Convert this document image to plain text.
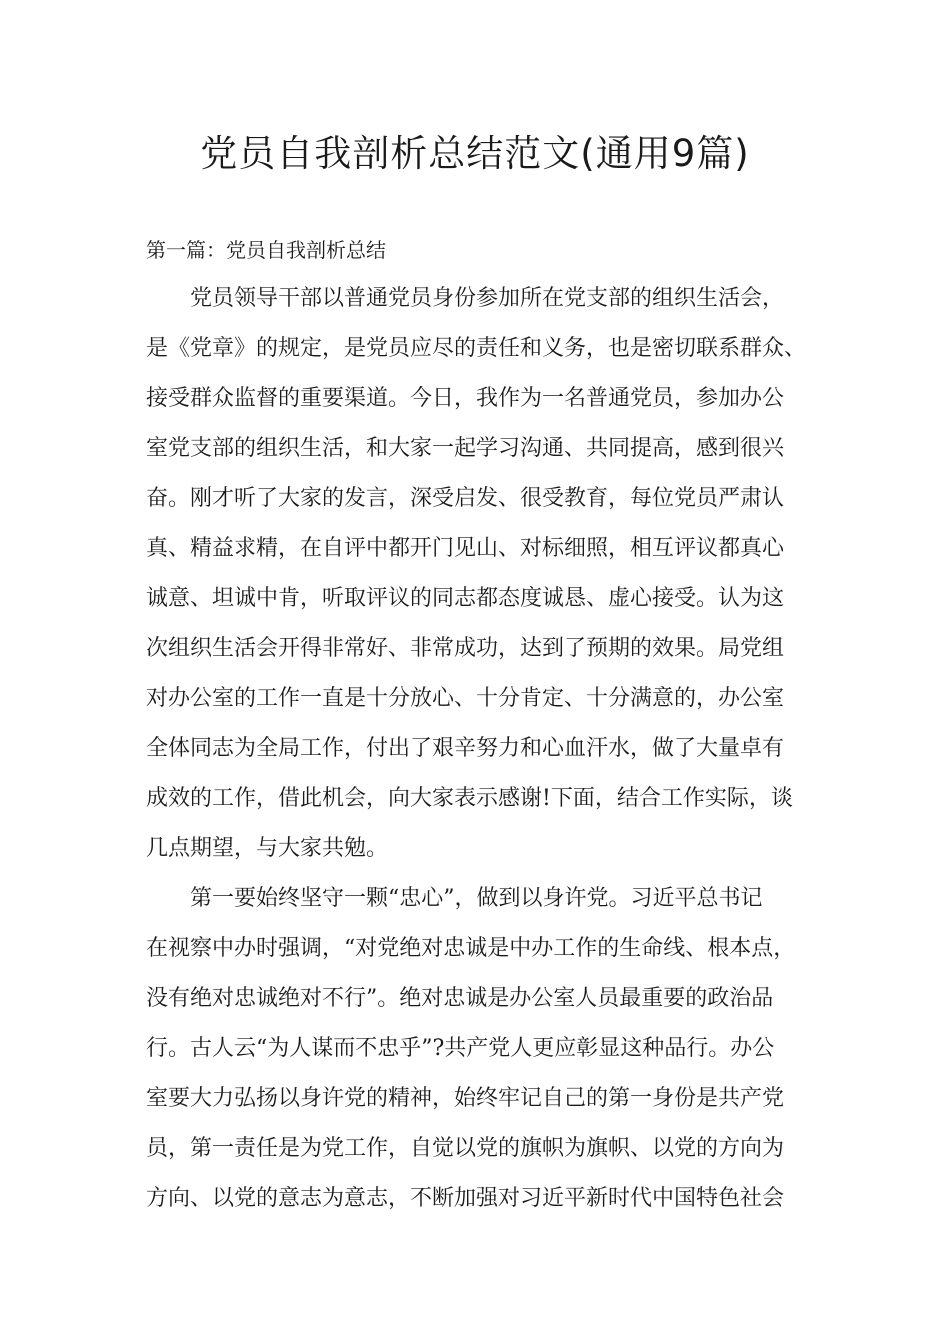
党员自我剖析总结范文(通用9篇)
第一篇：党员自我剖析总结

党员领导干部以普通党员身份参加所在党支部的组织生活会，

是《党章》的规定，是党员应尽的责任和义务，也是密切联系群众、

接受群众监督的重要渠道。今日，我作为一名普通党员，参加办公

室党支部的组织生活，和大家一起学习沟通、共同提高，感到很兴

奋。刚才听了大家的发言，深受启发、很受教育，每位党员严肃认

真、精益求精，在自评中都开门见山、对标细照，相互评议都真心

诚意、坦诚中肯，听取评议的同志都态度诚恳、虚心接受。认为这

次组织生活会开得非常好、非常成功，达到了预期的效果。局党组

对办公室的工作一直是十分放心、十分肯定、十分满意的，办公室

全体同志为全局工作，付出了艰辛努力和心血汗水，做了大量卓有

成效的工作，借此机会，向大家表示感谢!下面，结合工作实际，谈

几点期望，与大家共勉。

第一要始终坚守一颗“忠心”，做到以身许党。习近平总书记

在视察中办时强调，“对党绝对忠诚是中办工作的生命线、根本点，

没有绝对忠诚绝对不行”。绝对忠诚是办公室人员最重要的政治品

行。古人云“为人谋而不忠乎”?共产党人更应彰显这种品行。办公

室要大力弘扬以身许党的精神，始终牢记自己的第一身份是共产党

员，第一责任是为党工作，自觉以党的旗帜为旗帜、以党的方向为

方向、以党的意志为意志，不断加强对习近平新时代中国特色社会
